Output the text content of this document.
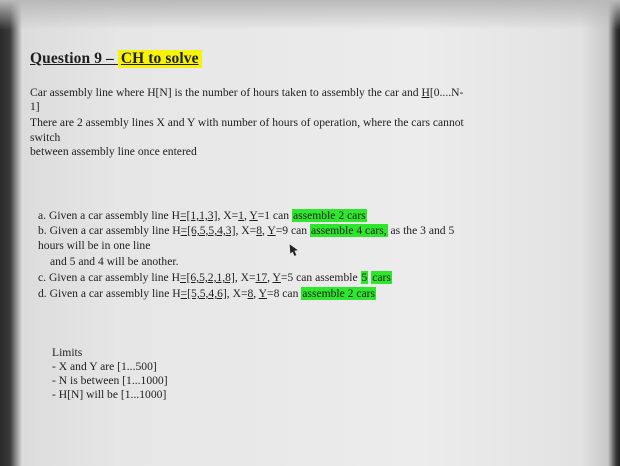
Question 9 – CH to solve
Car assembly line where H[N] is the number of hours taken to assembly the car and H[0....N-
1]
There are 2 assembly lines X and Y with number of hours of operation, where the cars cannot
switch
between assembly line once entered
a. Given a car assembly line H=[1,1,3], X=1, Y=1 can assemble 2 cars
b. Given a car assembly line H=[6,5,5,4,3], X=8, Y=9 can assemble 4 cars, as the 3 and 5
hours will be in one line
and 5 and 4 will be another.
c. Given a car assembly line H=[6,5,2,1,8], X=17, Y=5 can assemble 5 cars
d. Given a car assembly line H=[5,5,4,6], X=8, Y=8 can assemble 2 cars
Limits
- X and Y are [1...500]
- N is between [1...1000]
- H[N] will be [1...1000]
